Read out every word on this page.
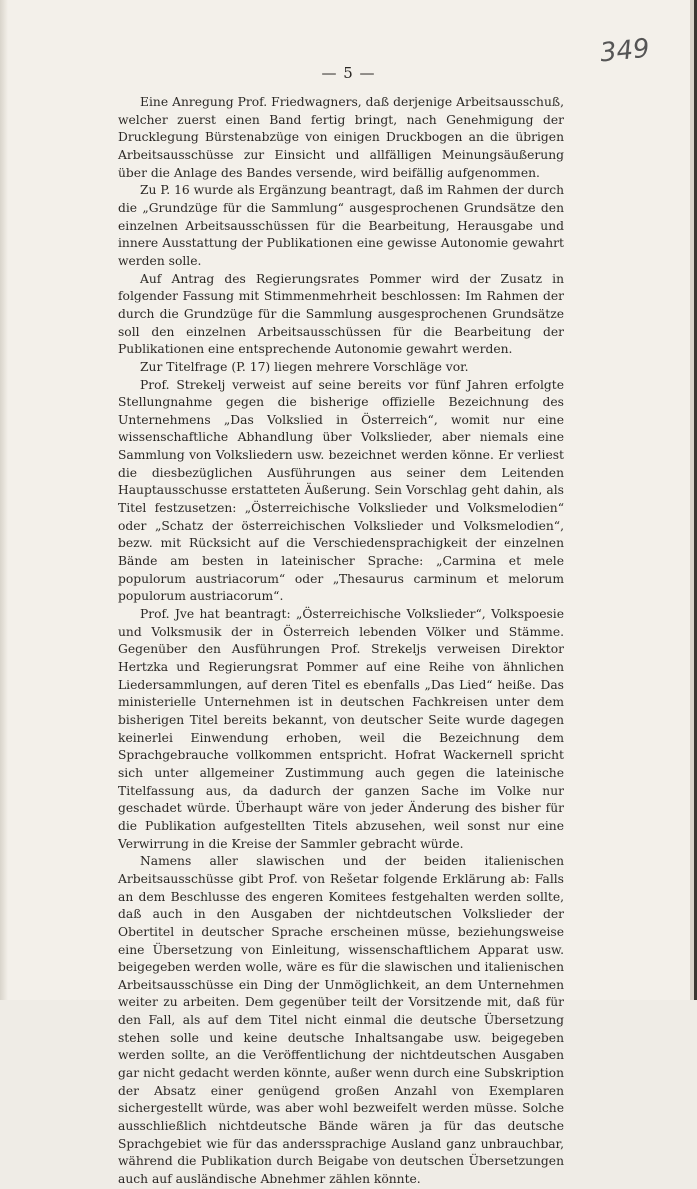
349
— 5 —

Eine Anregung Prof. Friedwagners, daß derjenige Arbeitsausschuß, welcher zuerst einen Band fertig bringt, nach Genehmigung der Drucklegung Bürstenabzüge von einigen Druckbogen an die übrigen Arbeitsausschüsse zur Einsicht und allfälligen Meinungsäußerung über die Anlage des Bandes versende, wird beifällig aufgenommen.

Zu P. 16 wurde als Ergänzung beantragt, daß im Rahmen der durch die „Grundzüge für die Sammlung“ ausgesprochenen Grundsätze den einzelnen Arbeitsausschüssen für die Bearbeitung, Herausgabe und innere Ausstattung der Publikationen eine gewisse Autonomie gewahrt werden solle.

Auf Antrag des Regierungsrates Pommer wird der Zusatz in folgender Fassung mit Stimmenmehrheit beschlossen: Im Rahmen der durch die Grundzüge für die Sammlung ausgesprochenen Grundsätze soll den einzelnen Arbeitsausschüssen für die Bearbeitung der Publikationen eine entsprechende Autonomie gewahrt werden.

Zur Titelfrage (P. 17) liegen mehrere Vorschläge vor.

Prof. Strekelj verweist auf seine bereits vor fünf Jahren erfolgte Stellungnahme gegen die bisherige offizielle Bezeichnung des Unternehmens „Das Volkslied in Österreich“, womit nur eine wissenschaftliche Abhandlung über Volkslieder, aber niemals eine Sammlung von Volksliedern usw. bezeichnet werden könne. Er verliest die diesbezüglichen Ausführungen aus seiner dem Leitenden Hauptausschusse erstatteten Äußerung. Sein Vorschlag geht dahin, als Titel festzusetzen: „Österreichische Volkslieder und Volksmelodien“ oder „Schatz der österreichischen Volkslieder und Volksmelodien“, bezw. mit Rücksicht auf die Verschiedensprachigkeit der einzelnen Bände am besten in lateinischer Sprache: „Carmina et mele populorum austriacorum“ oder „Thesaurus carminum et melorum populorum austriacorum“.

Prof. Jve hat beantragt: „Österreichische Volkslieder“, Volkspoesie und Volksmusik der in Österreich lebenden Völker und Stämme. Gegenüber den Ausführungen Prof. Strekeljs verweisen Direktor Hertzka und Regierungsrat Pommer auf eine Reihe von ähnlichen Liedersammlungen, auf deren Titel es ebenfalls „Das Lied“ heiße. Das ministerielle Unternehmen ist in deutschen Fachkreisen unter dem bisherigen Titel bereits bekannt, von deutscher Seite wurde dagegen keinerlei Einwendung erhoben, weil die Bezeichnung dem Sprachgebrauche vollkommen entspricht. Hofrat Wackernell spricht sich unter allgemeiner Zustimmung auch gegen die lateinische Titelfassung aus, da dadurch der ganzen Sache im Volke nur geschadet würde. Überhaupt wäre von jeder Änderung des bisher für die Publikation aufgestellten Titels abzusehen, weil sonst nur eine Verwirrung in die Kreise der Sammler gebracht würde.

Namens aller slawischen und der beiden italienischen Arbeitsausschüsse gibt Prof. von Rešetar folgende Erklärung ab: Falls an dem Beschlusse des engeren Komitees festgehalten werden sollte, daß auch in den Ausgaben der nichtdeutschen Volkslieder der Obertitel in deutscher Sprache erscheinen müsse, beziehungsweise eine Übersetzung von Einleitung, wissenschaftlichem Apparat usw. beigegeben werden wolle, wäre es für die slawischen und italienischen Arbeitsausschüsse ein Ding der Unmöglichkeit, an dem Unternehmen weiter zu arbeiten. Dem gegenüber teilt der Vorsitzende mit, daß für den Fall, als auf dem Titel nicht einmal die deutsche Übersetzung stehen solle und keine deutsche Inhaltsangabe usw. beigegeben werden sollte, an die Veröffentlichung der nichtdeutschen Ausgaben gar nicht gedacht werden könnte, außer wenn durch eine Subskription der Absatz einer genügend großen Anzahl von Exemplaren sichergestellt würde, was aber wohl bezweifelt werden müsse. Solche ausschließlich nichtdeutsche Bände wären ja für das deutsche Sprachgebiet wie für das anderssprachige Ausland ganz unbrauchbar, während die Publikation durch Beigabe von deutschen Übersetzungen auch auf ausländische Abnehmer zählen könnte.
